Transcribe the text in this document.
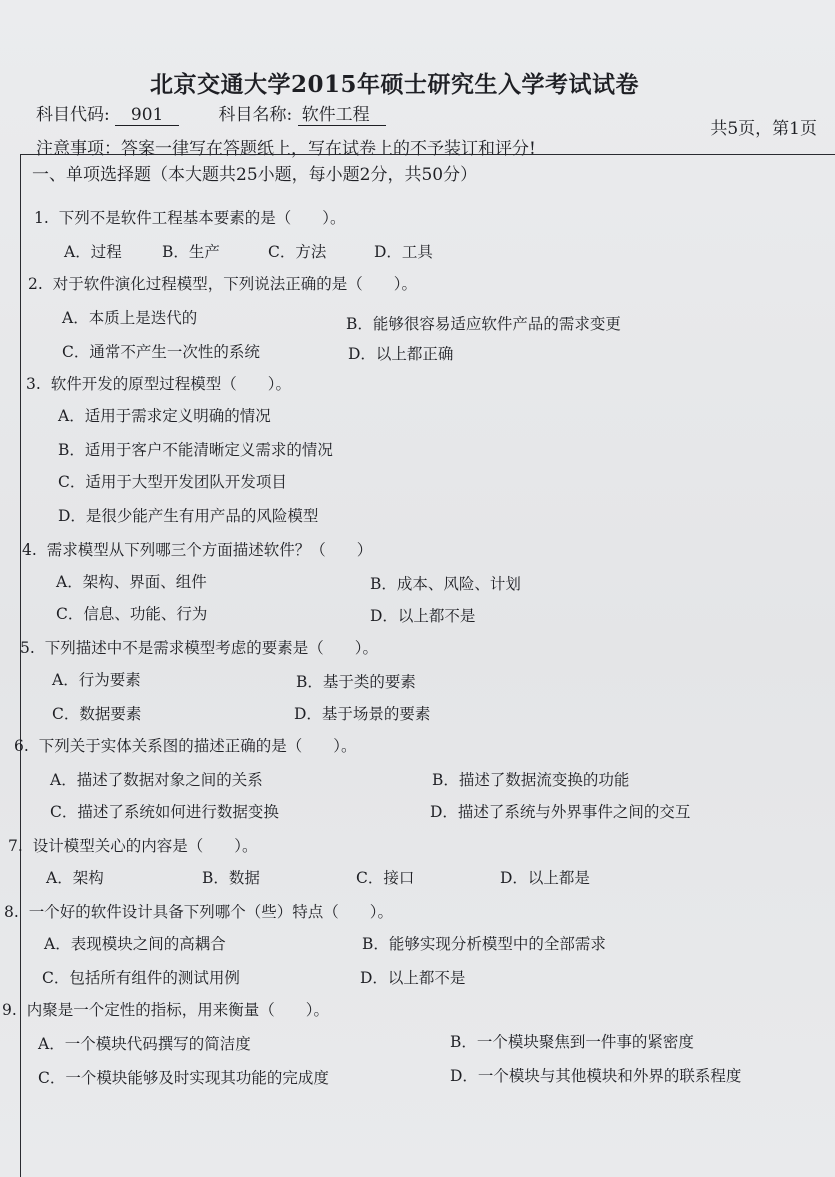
北京交通大学2015年硕士研究生入学考试试卷
科目代码: 901	科目名称: 软件工程
共5页，第1页
注意事项：答案一律写在答题纸上，写在试卷上的不予装订和评分!
一、单项选择题（本大题共25小题，每小题2分，共50分）
1. 下列不是软件工程基本要素的是（　　）。
A．过程	B．生产	C．方法	D．工具
2. 对于软件演化过程模型，下列说法正确的是（　　）。
A．本质上是迭代的	B．能够很容易适应软件产品的需求变更
C．通常不产生一次性的系统	D．以上都正确
3. 软件开发的原型过程模型（　　）。
A．适用于需求定义明确的情况
B．适用于客户不能清晰定义需求的情况
C．适用于大型开发团队开发项目
D．是很少能产生有用产品的风险模型
4. 需求模型从下列哪三个方面描述软件？（　　）
A．架构、界面、组件	B．成本、风险、计划
C．信息、功能、行为	D．以上都不是
5. 下列描述中不是需求模型考虑的要素是（　　）。
A．行为要素	B．基于类的要素
C．数据要素	D．基于场景的要素
6. 下列关于实体关系图的描述正确的是（　　）。
A．描述了数据对象之间的关系	B．描述了数据流变换的功能
C．描述了系统如何进行数据变换	D．描述了系统与外界事件之间的交互
7. 设计模型关心的内容是（　　）。
A．架构	B．数据	C．接口	D．以上都是
8. 一个好的软件设计具备下列哪个（些）特点（　　）。
A．表现模块之间的高耦合	B．能够实现分析模型中的全部需求
C．包括所有组件的测试用例	D．以上都不是
9. 内聚是一个定性的指标，用来衡量（　　）。
A．一个模块代码撰写的简洁度	B．一个模块聚焦到一件事的紧密度
C．一个模块能够及时实现其功能的完成度	D．一个模块与其他模块和外界的联系程度
